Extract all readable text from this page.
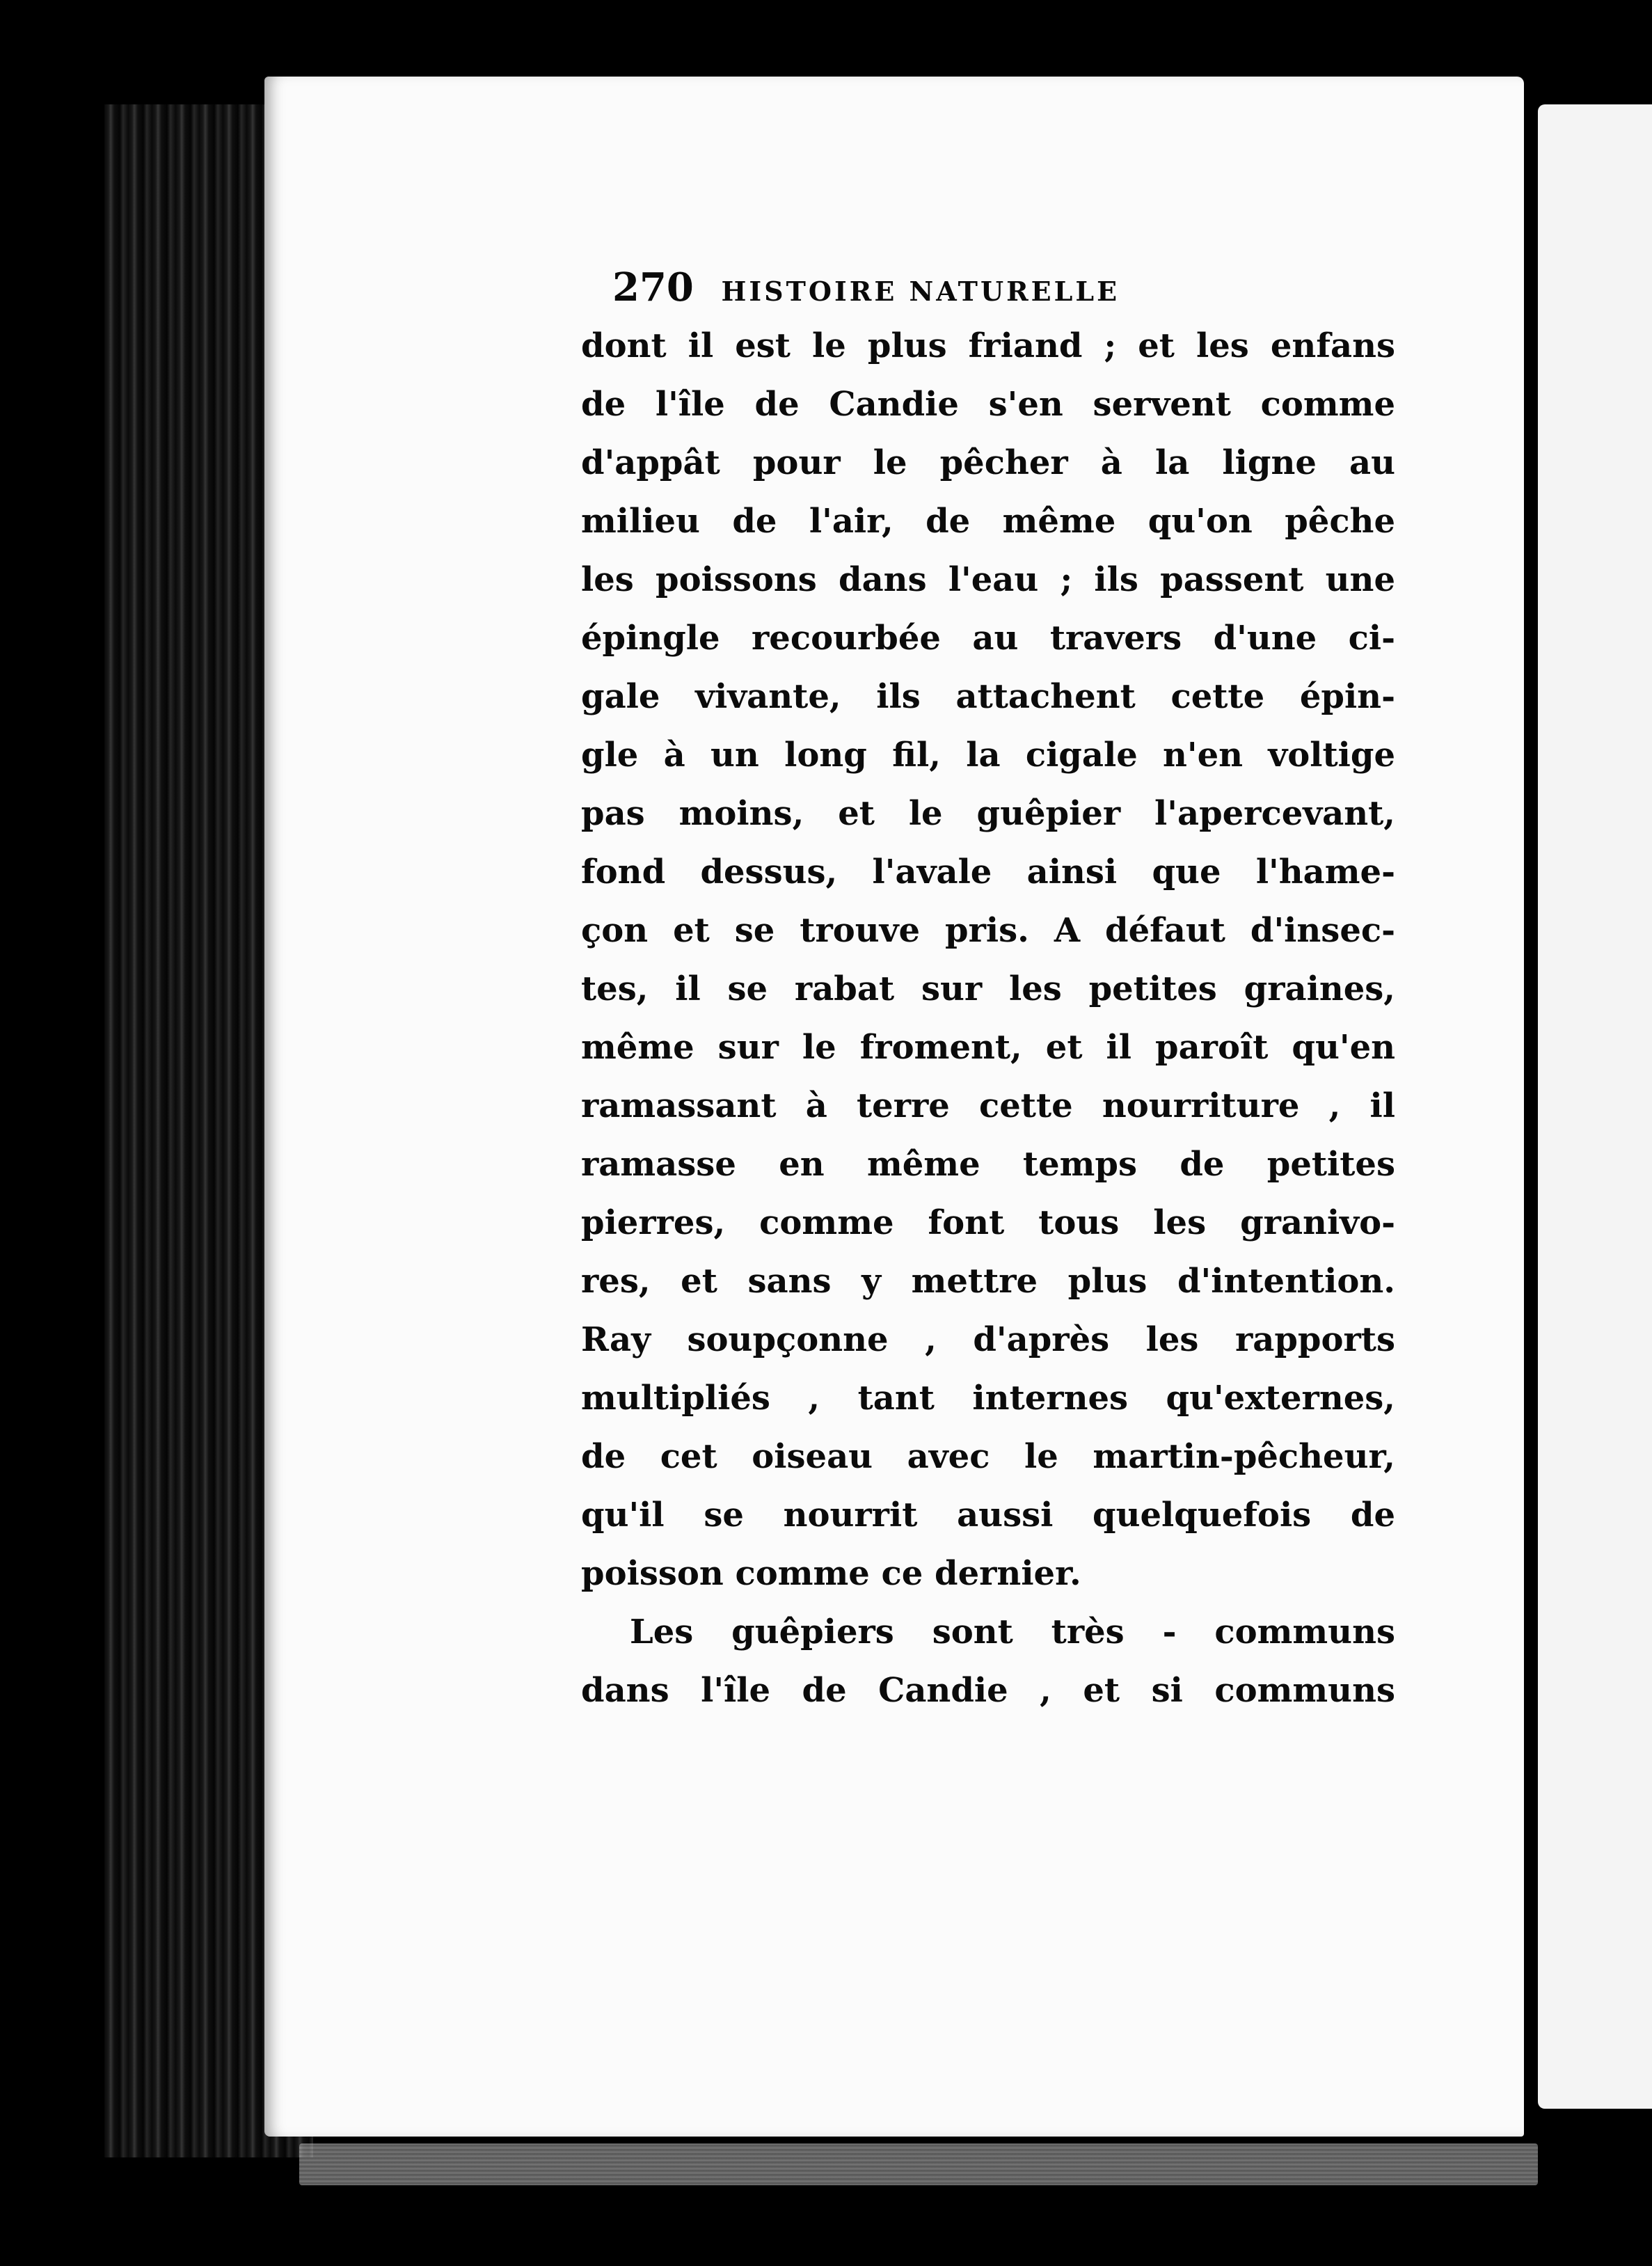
270 HISTOIRE NATURELLE
dont il est le plus friand ; et les enfans
de l'île de Candie s'en servent comme
d'appât pour le pêcher à la ligne au
milieu de l'air, de même qu'on pêche
les poissons dans l'eau ; ils passent une
épingle recourbée au travers d'une ci-
gale vivante, ils attachent cette épin-
gle à un long fil, la cigale n'en voltige
pas moins, et le guêpier l'apercevant,
fond dessus, l'avale ainsi que l'hame-
çon et se trouve pris. A défaut d'insec-
tes, il se rabat sur les petites graines,
même sur le froment, et il paroît qu'en
ramassant à terre cette nourriture , il
ramasse en même temps de petites
pierres, comme font tous les granivo-
res, et sans y mettre plus d'intention.
Ray soupçonne , d'après les rapports
multipliés , tant internes qu'externes,
de cet oiseau avec le martin-pêcheur,
qu'il se nourrit aussi quelquefois de
poisson comme ce dernier.
Les guêpiers sont très - communs
dans l'île de Candie , et si communs
